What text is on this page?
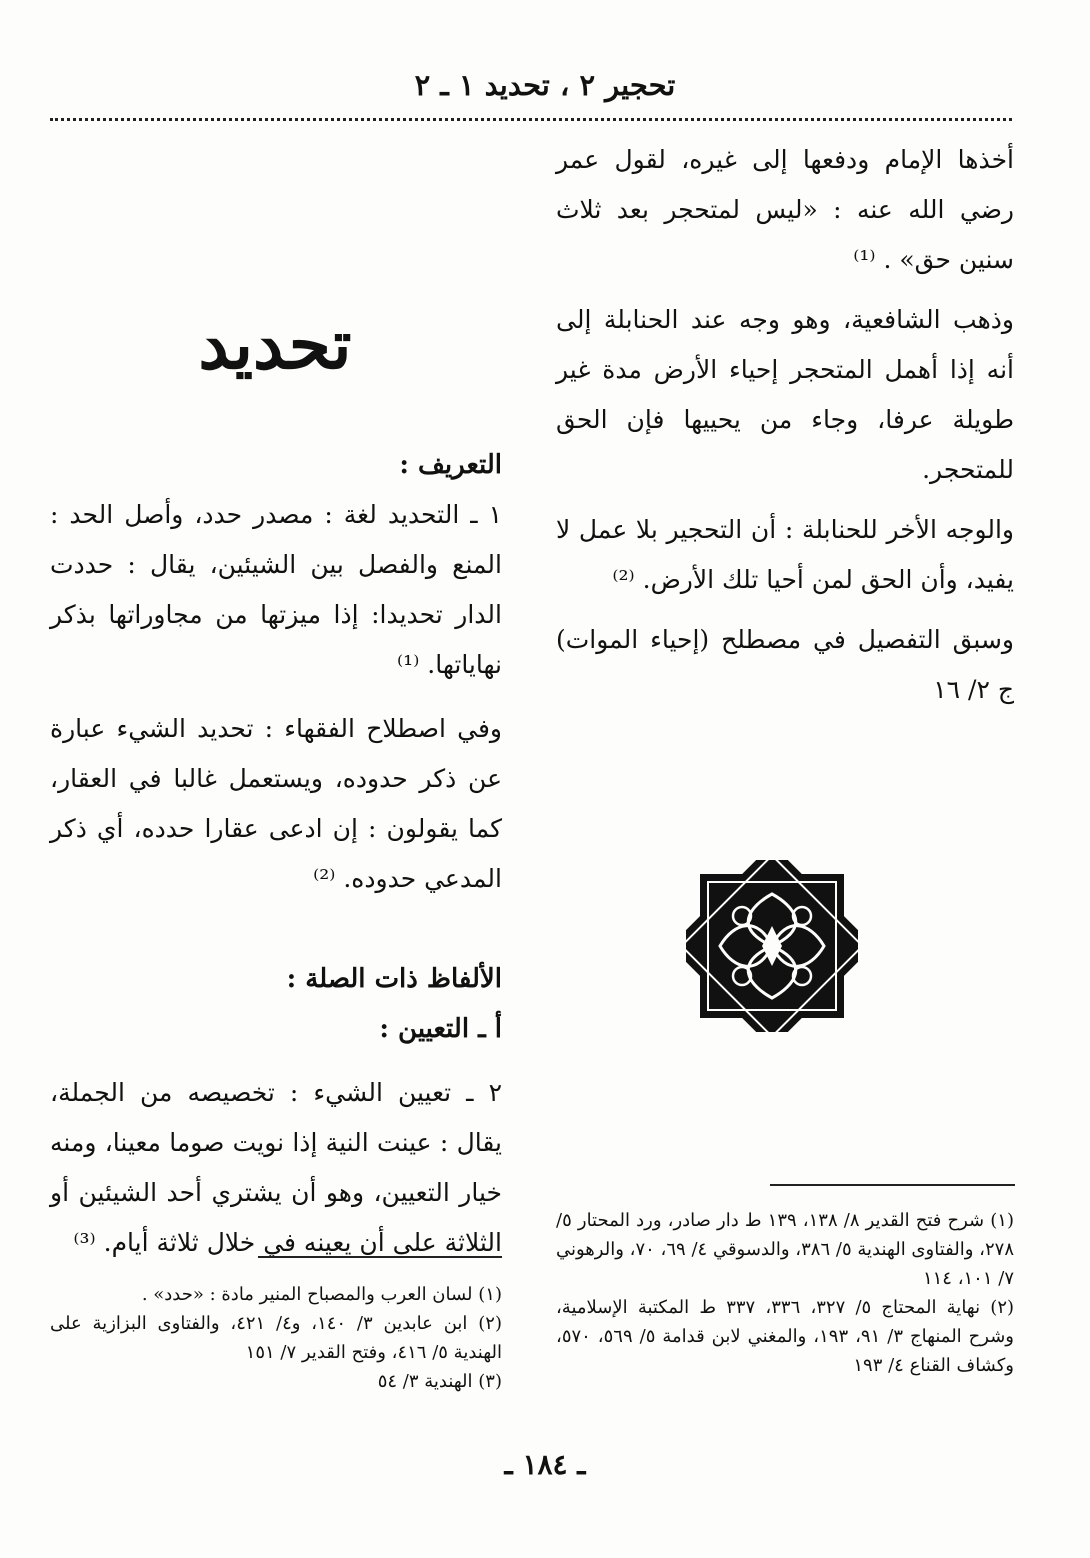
تحجير ٢ ، تحديد ١ ـ ٢

أخذها الإمام ودفعها إلى غيره، لقول عمر رضي الله عنه : «ليس لمتحجر بعد ثلاث سنين حق» . ⁽¹⁾

وذهب الشافعية، وهو وجه عند الحنابلة إلى أنه إذا أهمل المتحجر إحياء الأرض مدة غير طويلة عرفا، وجاء من يحييها فإن الحق للمتحجر.

والوجه الأخر للحنابلة : أن التحجير بلا عمل لا يفيد، وأن الحق لمن أحيا تلك الأرض. ⁽²⁾

وسبق التفصيل في مصطلح (إحياء الموات) ج ٢/ ١٦

تحديد

التعريف :

١ ـ التحديد لغة : مصدر حدد، وأصل الحد : المنع والفصل بين الشيئين، يقال : حددت الدار تحديدا: إذا ميزتها من مجاوراتها بذكر نهاياتها. ⁽¹⁾

وفي اصطلاح الفقهاء : تحديد الشيء عبارة عن ذكر حدوده، ويستعمل غالبا في العقار، كما يقولون : إن ادعى عقارا حدده، أي ذكر المدعي حدوده. ⁽²⁾

الألفاظ ذات الصلة :

أ ـ التعيين :

٢ ـ تعيين الشيء : تخصيصه من الجملة، يقال : عينت النية إذا نويت صوما معينا، ومنه خيار التعيين، وهو أن يشتري أحد الشيئين أو الثلاثة على أن يعينه في خلال ثلاثة أيام. ⁽³⁾

(١) شرح فتح القدير ٨/ ١٣٨، ١٣٩ ط دار صادر، ورد المحتار ٥/ ٢٧٨، والفتاوى الهندية ٥/ ٣٨٦، والدسوقي ٤/ ٦٩، ٧٠، والرهوني ٧/ ١٠١، ١١٤

(٢) نهاية المحتاج ٥/ ٣٢٧، ٣٣٦، ٣٣٧ ط المكتبة الإسلامية، وشرح المنهاج ٣/ ٩١، ١٩٣، والمغني لابن قدامة ٥/ ٥٦٩، ٥٧٠، وكشاف القناع ٤/ ١٩٣

(١) لسان العرب والمصباح المنير مادة : «حدد» .

(٢) ابن عابدين ٣/ ١٤٠، و٤/ ٤٢١، والفتاوى البزازية على الهندية ٥/ ٤١٦، وفتح القدير ٧/ ١٥١

(٣) الهندية ٣/ ٥٤

ـ ١٨٤ ـ
